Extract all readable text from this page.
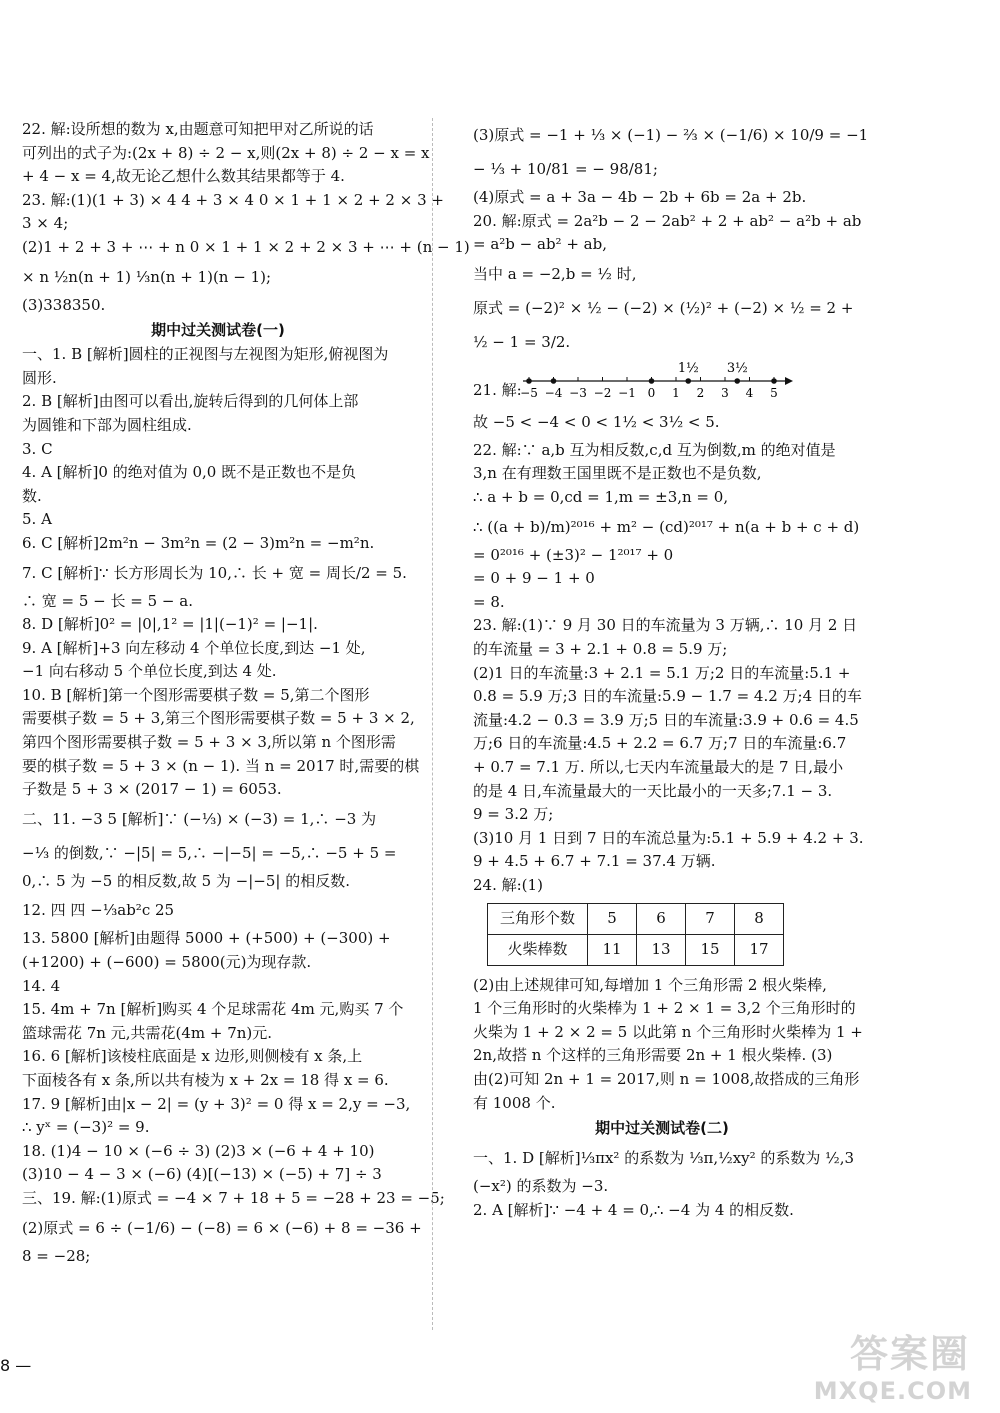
22. 解:设所想的数为 x,由题意可知把甲对乙所说的话
可列出的式子为:(2x + 8) ÷ 2 − x,则(2x + 8) ÷ 2 − x = x
+ 4 − x = 4,故无论乙想什么数其结果都等于 4.
23. 解:(1)(1 + 3) × 4 4 + 3 × 4 0 × 1 + 1 × 2 + 2 × 3 +
3 × 4;
(2)1 + 2 + 3 + ⋯ + n 0 × 1 + 1 × 2 + 2 × 3 + ⋯ + (n − 1)
× n ½n(n + 1) ⅓n(n + 1)(n − 1);
(3)338350.
期中过关测试卷(一)
一、1. B [解析]圆柱的正视图与左视图为矩形,俯视图为
圆形.
2. B [解析]由图可以看出,旋转后得到的几何体上部
为圆锥和下部为圆柱组成.
3. C
4. A [解析]0 的绝对值为 0,0 既不是正数也不是负
数.
5. A
6. C [解析]2m²n − 3m²n = (2 − 3)m²n = −m²n.
7. C [解析]∵ 长方形周长为 10,∴ 长 + 宽 = 周长/2 = 5.
∴ 宽 = 5 − 长 = 5 − a.
8. D [解析]0² = |0|,1² = |1|(−1)² = |−1|.
9. A [解析]+3 向左移动 4 个单位长度,到达 −1 处,
−1 向右移动 5 个单位长度,到达 4 处.
10. B [解析]第一个图形需要棋子数 = 5,第二个图形
需要棋子数 = 5 + 3,第三个图形需要棋子数 = 5 + 3 × 2,
第四个图形需要棋子数 = 5 + 3 × 3,所以第 n 个图形需
要的棋子数 = 5 + 3 × (n − 1). 当 n = 2017 时,需要的棋
子数是 5 + 3 × (2017 − 1) = 6053.
二、11. −3 5 [解析]∵ (−⅓) × (−3) = 1,∴ −3 为
−⅓ 的倒数,∵ −|5| = 5,∴ −|−5| = −5,∴ −5 + 5 =
0,∴ 5 为 −5 的相反数,故 5 为 −|−5| 的相反数.
12. 四 四 −⅓ab²c 25
13. 5800 [解析]由题得 5000 + (+500) + (−300) +
(+1200) + (−600) = 5800(元)为现存款.
14. 4
15. 4m + 7n [解析]购买 4 个足球需花 4m 元,购买 7 个
篮球需花 7n 元,共需花(4m + 7n)元.
16. 6 [解析]该棱柱底面是 x 边形,则侧棱有 x 条,上
下面棱各有 x 条,所以共有棱为 x + 2x = 18 得 x = 6.
17. 9 [解析]由|x − 2| = (y + 3)² = 0 得 x = 2,y = −3,
∴ yˣ = (−3)² = 9.
18. (1)4 − 10 × (−6 ÷ 3) (2)3 × (−6 + 4 + 10)
(3)10 − 4 − 3 × (−6) (4)[(−13) × (−5) + 7] ÷ 3
三、19. 解:(1)原式 = −4 × 7 + 18 + 5 = −28 + 23 = −5;
(2)原式 = 6 ÷ (−1/6) − (−8) = 6 × (−6) + 8 = −36 +
8 = −28;
(3)原式 = −1 + ⅓ × (−1) − ⅔ × (−1/6) × 10/9 = −1
− ⅓ + 10/81 = − 98/81;
(4)原式 = a + 3a − 4b − 2b + 6b = 2a + 2b.
20. 解:原式 = 2a²b − 2 − 2ab² + 2 + ab² − a²b + ab
= a²b − ab² + ab,
当中 a = −2,b = ½ 时,
原式 = (−2)² × ½ − (−2) × (½)² + (−2) × ½ = 2 +
½ − 1 = 3/2.
21. 解:
−5 −4 −3 −2 −1 0 1 2 3 4 5
1½ 3½
故 −5 < −4 < 0 < 1½ < 3½ < 5.
22. 解:∵ a,b 互为相反数,c,d 互为倒数,m 的绝对值是
3,n 在有理数王国里既不是正数也不是负数,
∴ a + b = 0,cd = 1,m = ±3,n = 0,
∴ ((a + b)/m)²⁰¹⁶ + m² − (cd)²⁰¹⁷ + n(a + b + c + d)
= 0²⁰¹⁶ + (±3)² − 1²⁰¹⁷ + 0
= 0 + 9 − 1 + 0
= 8.
23. 解:(1)∵ 9 月 30 日的车流量为 3 万辆,∴ 10 月 2 日
的车流量 = 3 + 2.1 + 0.8 = 5.9 万;
(2)1 日的车流量:3 + 2.1 = 5.1 万;2 日的车流量:5.1 +
0.8 = 5.9 万;3 日的车流量:5.9 − 1.7 = 4.2 万;4 日的车
流量:4.2 − 0.3 = 3.9 万;5 日的车流量:3.9 + 0.6 = 4.5
万;6 日的车流量:4.5 + 2.2 = 6.7 万;7 日的车流量:6.7
+ 0.7 = 7.1 万. 所以,七天内车流量最大的是 7 日,最小
的是 4 日,车流量最大的一天比最小的一天多;7.1 − 3.
9 = 3.2 万;
(3)10 月 1 日到 7 日的车流总量为:5.1 + 5.9 + 4.2 + 3.
9 + 4.5 + 6.7 + 7.1 = 37.4 万辆.
24. 解:(1)
三角形个数	5	6	7	8
火柴棒数	11	13	15	17
(2)由上述规律可知,每增加 1 个三角形需 2 根火柴棒,
1 个三角形时的火柴棒为 1 + 2 × 1 = 3,2 个三角形时的
火柴为 1 + 2 × 2 = 5 以此第 n 个三角形时火柴棒为 1 +
2n,故搭 n 个这样的三角形需要 2n + 1 根火柴棒. (3)
由(2)可知 2n + 1 = 2017,则 n = 1008,故搭成的三角形
有 1008 个.
期中过关测试卷(二)
一、1. D [解析]⅓πx² 的系数为 ⅓π,½xy² 的系数为 ½,3
(−x²) 的系数为 −3.
2. A [解析]∵ −4 + 4 = 0,∴ −4 为 4 的相反数.
8 —	答案圈
MXQE.COM
